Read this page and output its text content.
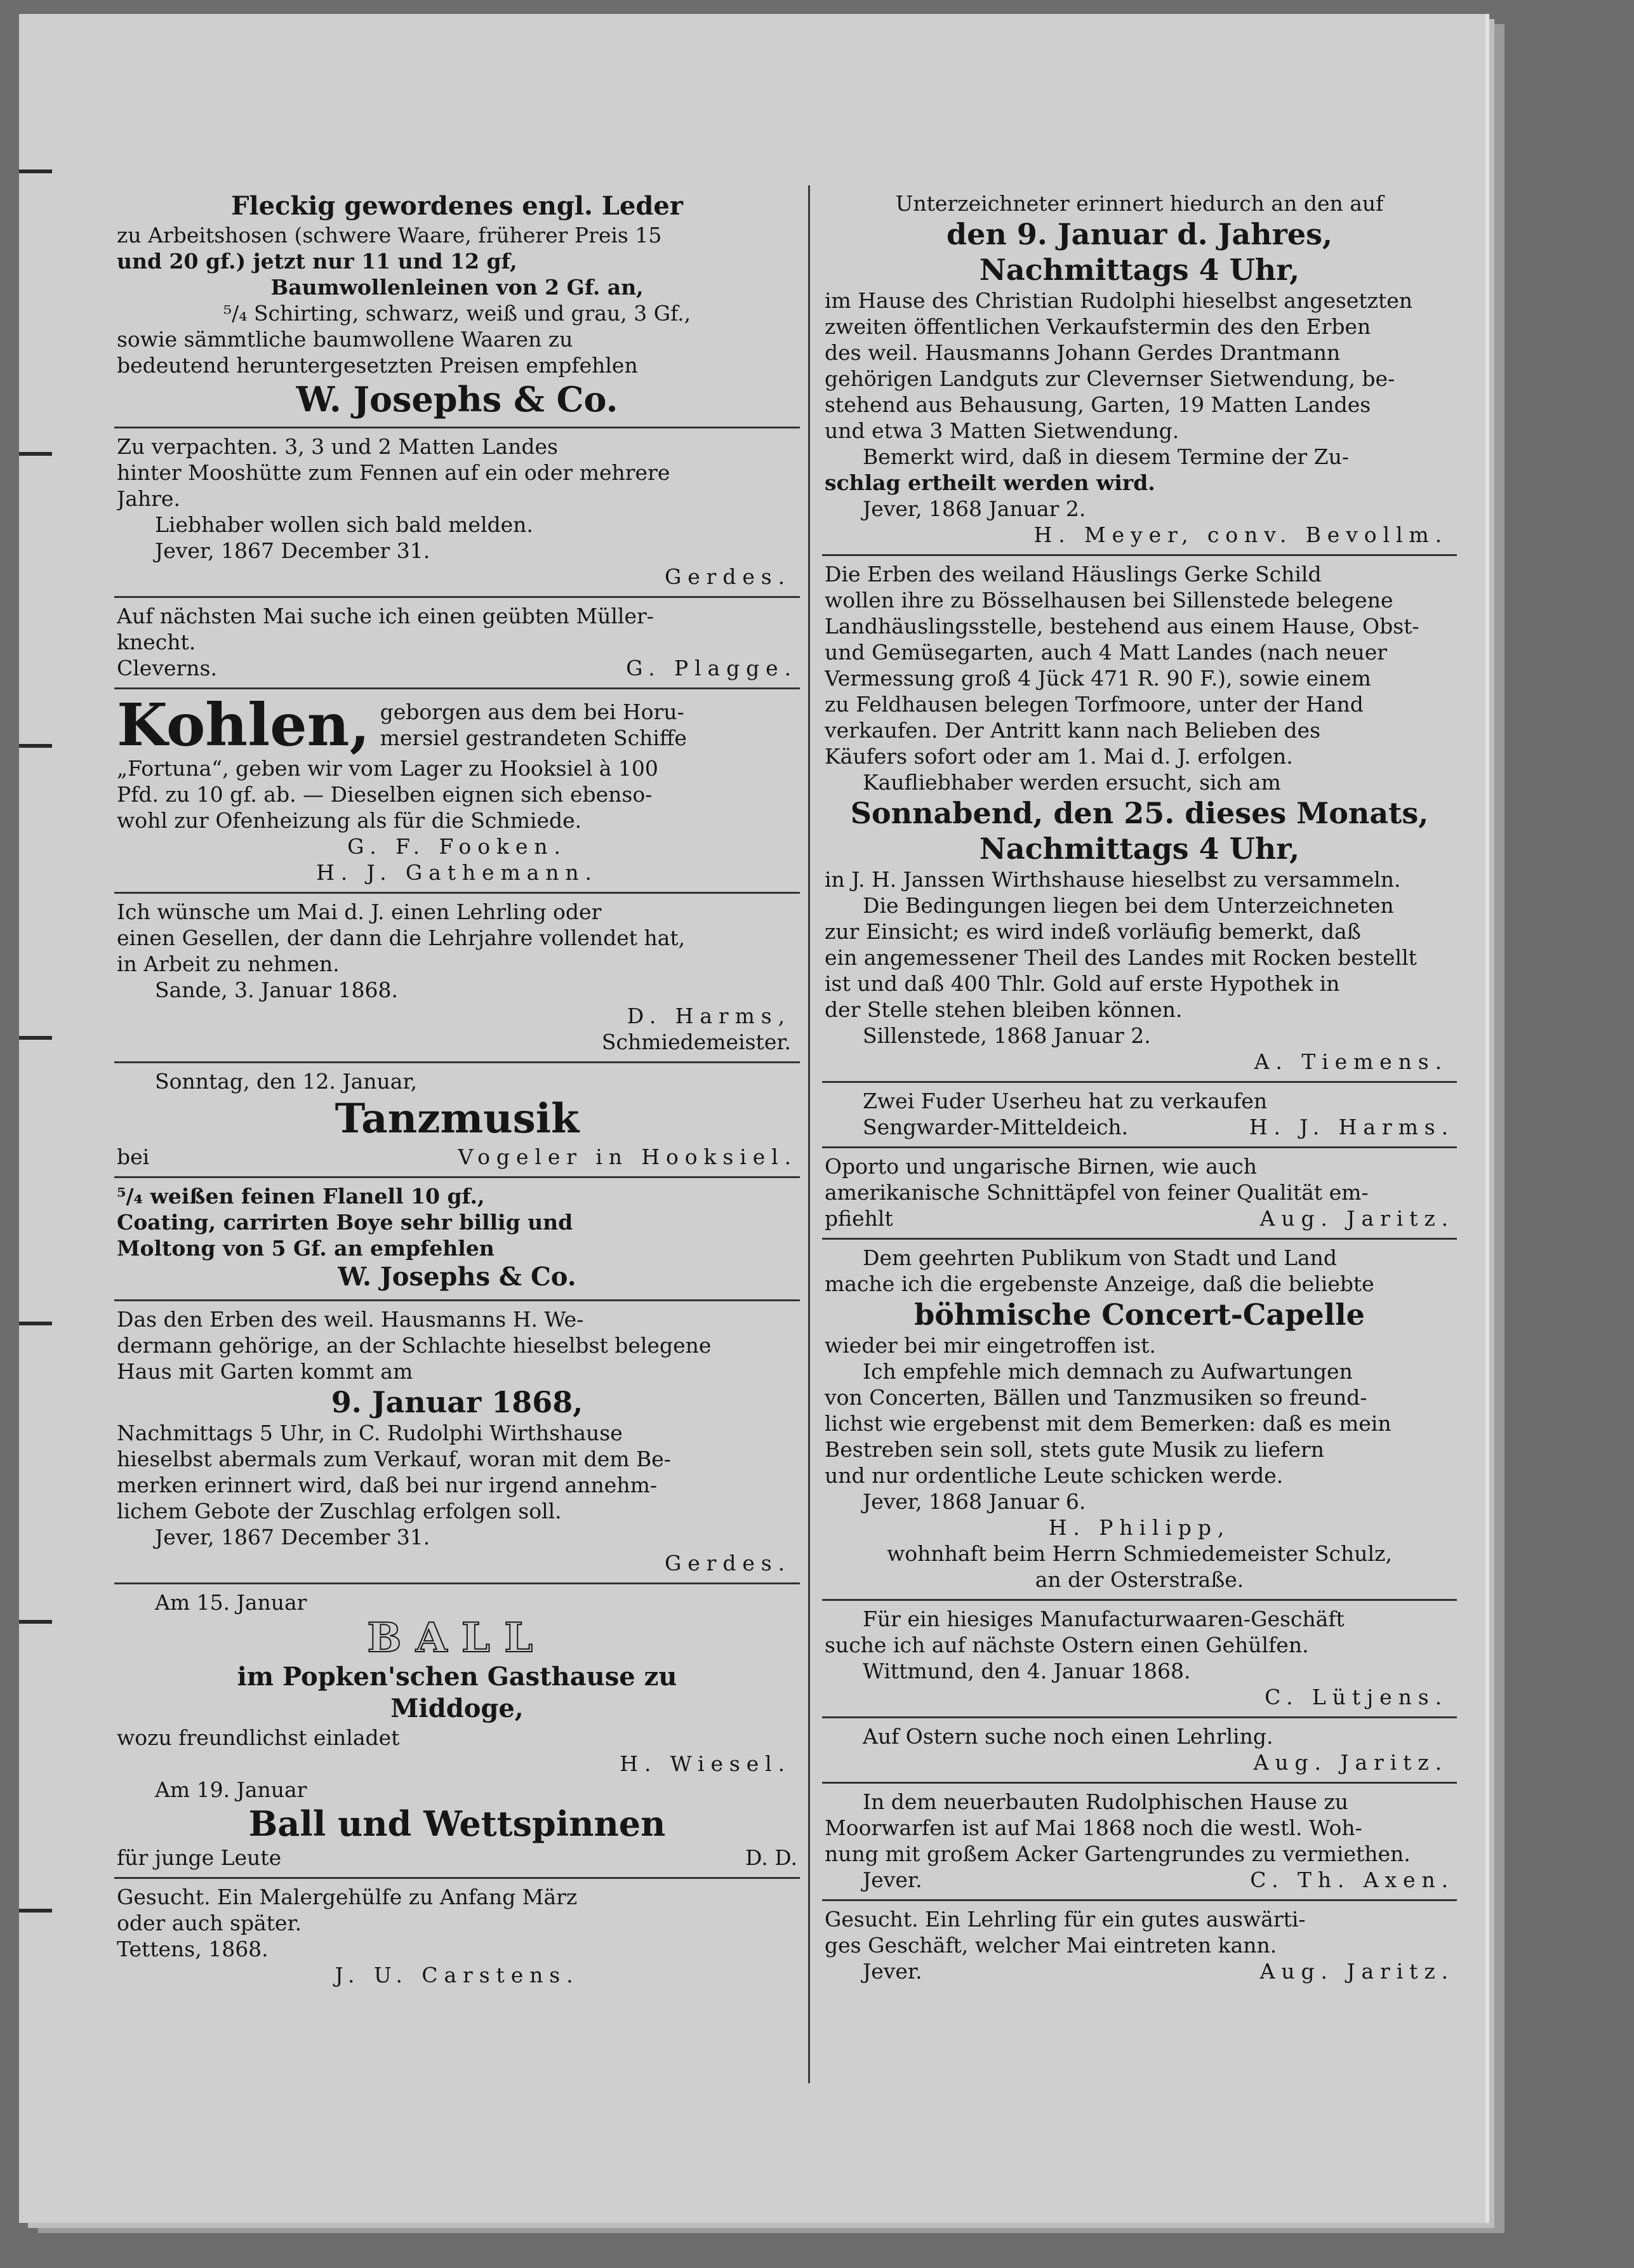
Fleckig gewordenes engl. Leder
zu Arbeitshosen (schwere Waare, früherer Preis 15
und 20 gf.) jetzt nur 11 und 12 gf,
Baumwollenleinen von 2 Gf. an,
⁵/₄ Schirting, schwarz, weiß und grau, 3 Gf.,
sowie sämmtliche baumwollene Waaren zu
bedeutend heruntergesetzten Preisen empfehlen
W. Josephs & Co.
Zu verpachten. 3, 3 und 2 Matten Landes
hinter Mooshütte zum Fennen auf ein oder mehrere
Jahre.
Liebhaber wollen sich bald melden.
Jever, 1867 December 31.
Gerdes.
Auf nächsten Mai suche ich einen geübten Müller-
knecht.
Cleverns.	G. Plagge.
Kohlen, geborgen aus dem bei Horu-
mersiel gestrandeten Schiffe
„Fortuna“, geben wir vom Lager zu Hooksiel à 100
Pfd. zu 10 gf. ab. — Dieselben eignen sich ebenso-
wohl zur Ofenheizung als für die Schmiede.
G. F. Fooken.
H. J. Gathemann.
Ich wünsche um Mai d. J. einen Lehrling oder
einen Gesellen, der dann die Lehrjahre vollendet hat,
in Arbeit zu nehmen.
Sande, 3. Januar 1868.
D. Harms,
Schmiedemeister.
Sonntag, den 12. Januar,
Tanzmusik
bei	Vogeler in Hooksiel.
⁵/₄ weißen feinen Flanell 10 gf.,
Coating, carrirten Boye sehr billig und
Moltong von 5 Gf. an empfehlen
W. Josephs & Co.
Das den Erben des weil. Hausmanns H. We-
dermann gehörige, an der Schlachte hieselbst belegene
Haus mit Garten kommt am
9. Januar 1868,
Nachmittags 5 Uhr, in C. Rudolphi Wirthshause
hieselbst abermals zum Verkauf, woran mit dem Be-
merken erinnert wird, daß bei nur irgend annehm-
lichem Gebote der Zuschlag erfolgen soll.
Jever, 1867 December 31.
Gerdes.
Am 15. Januar
BALL
im Popken'schen Gasthause zu
Middoge,
wozu freundlichst einladet
H. Wiesel.
Am 19. Januar
Ball und Wettspinnen
für junge Leute	D. D.
Gesucht. Ein Malergehülfe zu Anfang März
oder auch später.
Tettens, 1868.
J. U. Carstens.
Unterzeichneter erinnert hiedurch an den auf
den 9. Januar d. Jahres,
Nachmittags 4 Uhr,
im Hause des Christian Rudolphi hieselbst angesetzten
zweiten öffentlichen Verkaufstermin des den Erben
des weil. Hausmanns Johann Gerdes Drantmann
gehörigen Landguts zur Clevernser Sietwendung, be-
stehend aus Behausung, Garten, 19 Matten Landes
und etwa 3 Matten Sietwendung.
Bemerkt wird, daß in diesem Termine der Zu-
schlag ertheilt werden wird.
Jever, 1868 Januar 2.
H. Meyer, conv. Bevollm.
Die Erben des weiland Häuslings Gerke Schild
wollen ihre zu Bösselhausen bei Sillenstede belegene
Landhäuslingsstelle, bestehend aus einem Hause, Obst-
und Gemüsegarten, auch 4 Matt Landes (nach neuer
Vermessung groß 4 Jück 471 R. 90 F.), sowie einem
zu Feldhausen belegen Torfmoore, unter der Hand
verkaufen. Der Antritt kann nach Belieben des
Käufers sofort oder am 1. Mai d. J. erfolgen.
Kaufliebhaber werden ersucht, sich am
Sonnabend, den 25. dieses Monats,
Nachmittags 4 Uhr,
in J. H. Janssen Wirthshause hieselbst zu versammeln.
Die Bedingungen liegen bei dem Unterzeichneten
zur Einsicht; es wird indeß vorläufig bemerkt, daß
ein angemessener Theil des Landes mit Rocken bestellt
ist und daß 400 Thlr. Gold auf erste Hypothek in
der Stelle stehen bleiben können.
Sillenstede, 1868 Januar 2.
A. Tiemens.
Zwei Fuder Userheu hat zu verkaufen
Sengwarder-Mitteldeich.	H. J. Harms.
Oporto und ungarische Birnen, wie auch
amerikanische Schnittäpfel von feiner Qualität em-
pfiehlt	Aug. Jaritz.
Dem geehrten Publikum von Stadt und Land
mache ich die ergebenste Anzeige, daß die beliebte
böhmische Concert-Capelle
wieder bei mir eingetroffen ist.
Ich empfehle mich demnach zu Aufwartungen
von Concerten, Bällen und Tanzmusiken so freund-
lichst wie ergebenst mit dem Bemerken: daß es mein
Bestreben sein soll, stets gute Musik zu liefern
und nur ordentliche Leute schicken werde.
Jever, 1868 Januar 6.
H. Philipp,
wohnhaft beim Herrn Schmiedemeister Schulz,
an der Osterstraße.
Für ein hiesiges Manufacturwaaren-Geschäft
suche ich auf nächste Ostern einen Gehülfen.
Wittmund, den 4. Januar 1868.
C. Lütjens.
Auf Ostern suche noch einen Lehrling.
Aug. Jaritz.
In dem neuerbauten Rudolphischen Hause zu
Moorwarfen ist auf Mai 1868 noch die westl. Woh-
nung mit großem Acker Gartengrundes zu vermiethen.
Jever.	C. Th. Axen.
Gesucht. Ein Lehrling für ein gutes auswärti-
ges Geschäft, welcher Mai eintreten kann.
Jever.	Aug. Jaritz.
